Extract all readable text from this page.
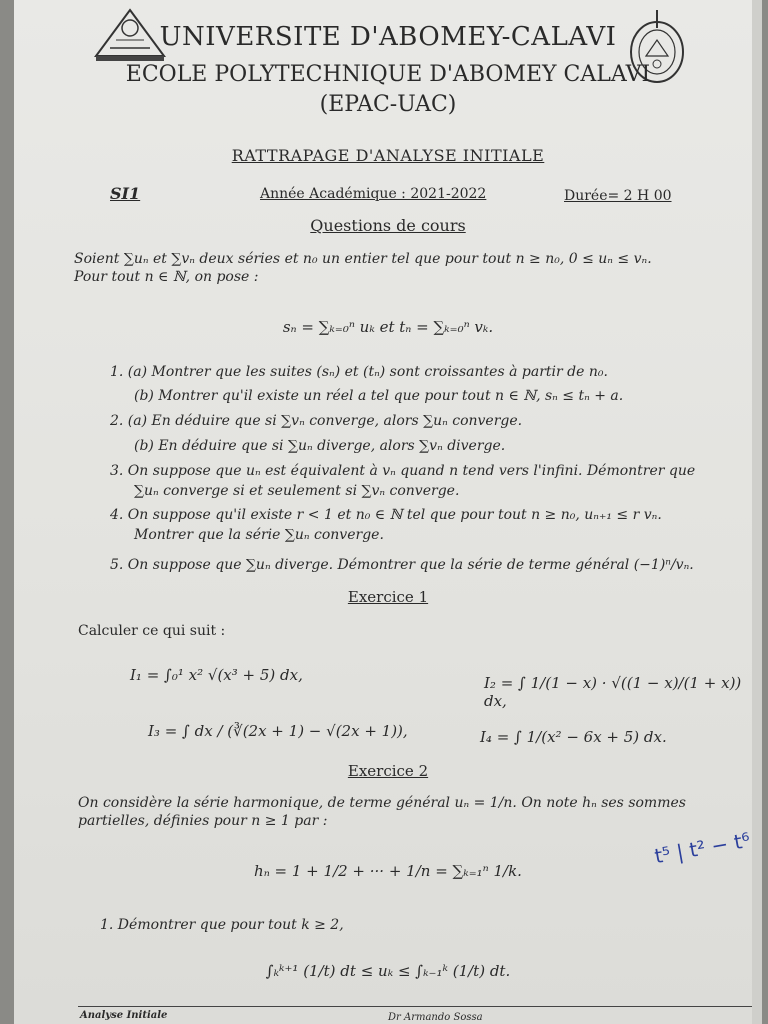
UNIVERSITE D'ABOMEY-CALAVI
ECOLE POLYTECHNIQUE D'ABOMEY CALAVI
(EPAC-UAC)
RATTRAPAGE D'ANALYSE INITIALE
SI1	Année Académique : 2021-2022	Durée= 2 H 00
Questions de cours
Soient ∑uₙ et ∑vₙ deux séries et n₀ un entier tel que pour tout n ≥ n₀, 0 ≤ uₙ ≤ vₙ.
Pour tout n ∈ ℕ, on pose :
sₙ = ∑ₖ₌₀ⁿ uₖ et tₙ = ∑ₖ₌₀ⁿ vₖ.
1. (a) Montrer que les suites (sₙ) et (tₙ) sont croissantes à partir de n₀.
(b) Montrer qu'il existe un réel a tel que pour tout n ∈ ℕ, sₙ ≤ tₙ + a.
2. (a) En déduire que si ∑vₙ converge, alors ∑uₙ converge.
(b) En déduire que si ∑uₙ diverge, alors ∑vₙ diverge.
3. On suppose que uₙ est équivalent à vₙ quand n tend vers l'infini. Démontrer que
∑uₙ converge si et seulement si ∑vₙ converge.
4. On suppose qu'il existe r < 1 et n₀ ∈ ℕ tel que pour tout n ≥ n₀, uₙ₊₁ ≤ r vₙ.
Montrer que la série ∑uₙ converge.
5. On suppose que ∑uₙ diverge. Démontrer que la série de terme général (−1)ⁿ/vₙ.
Exercice 1
Calculer ce qui suit :
I₁ = ∫₀¹ x² √(x³ + 5) dx,	I₂ = ∫ 1/(1 − x) · √((1 − x)/(1 + x)) dx,
I₃ = ∫ dx / (∛(2x + 1) − √(2x + 1)),	I₄ = ∫ 1/(x² − 6x + 5) dx.
Exercice 2
On considère la série harmonique, de terme général uₙ = 1/n. On note hₙ ses sommes
partielles, définies pour n ≥ 1 par :
hₙ = 1 + 1/2 + ··· + 1/n = ∑ₖ₌₁ⁿ 1/k.
t⁵ | t² − t⁶
1. Démontrer que pour tout k ≥ 2,
∫ₖᵏ⁺¹ (1/t) dt ≤ uₖ ≤ ∫ₖ₋₁ᵏ (1/t) dt.
Analyse Initiale	Dr Armando Sossa
